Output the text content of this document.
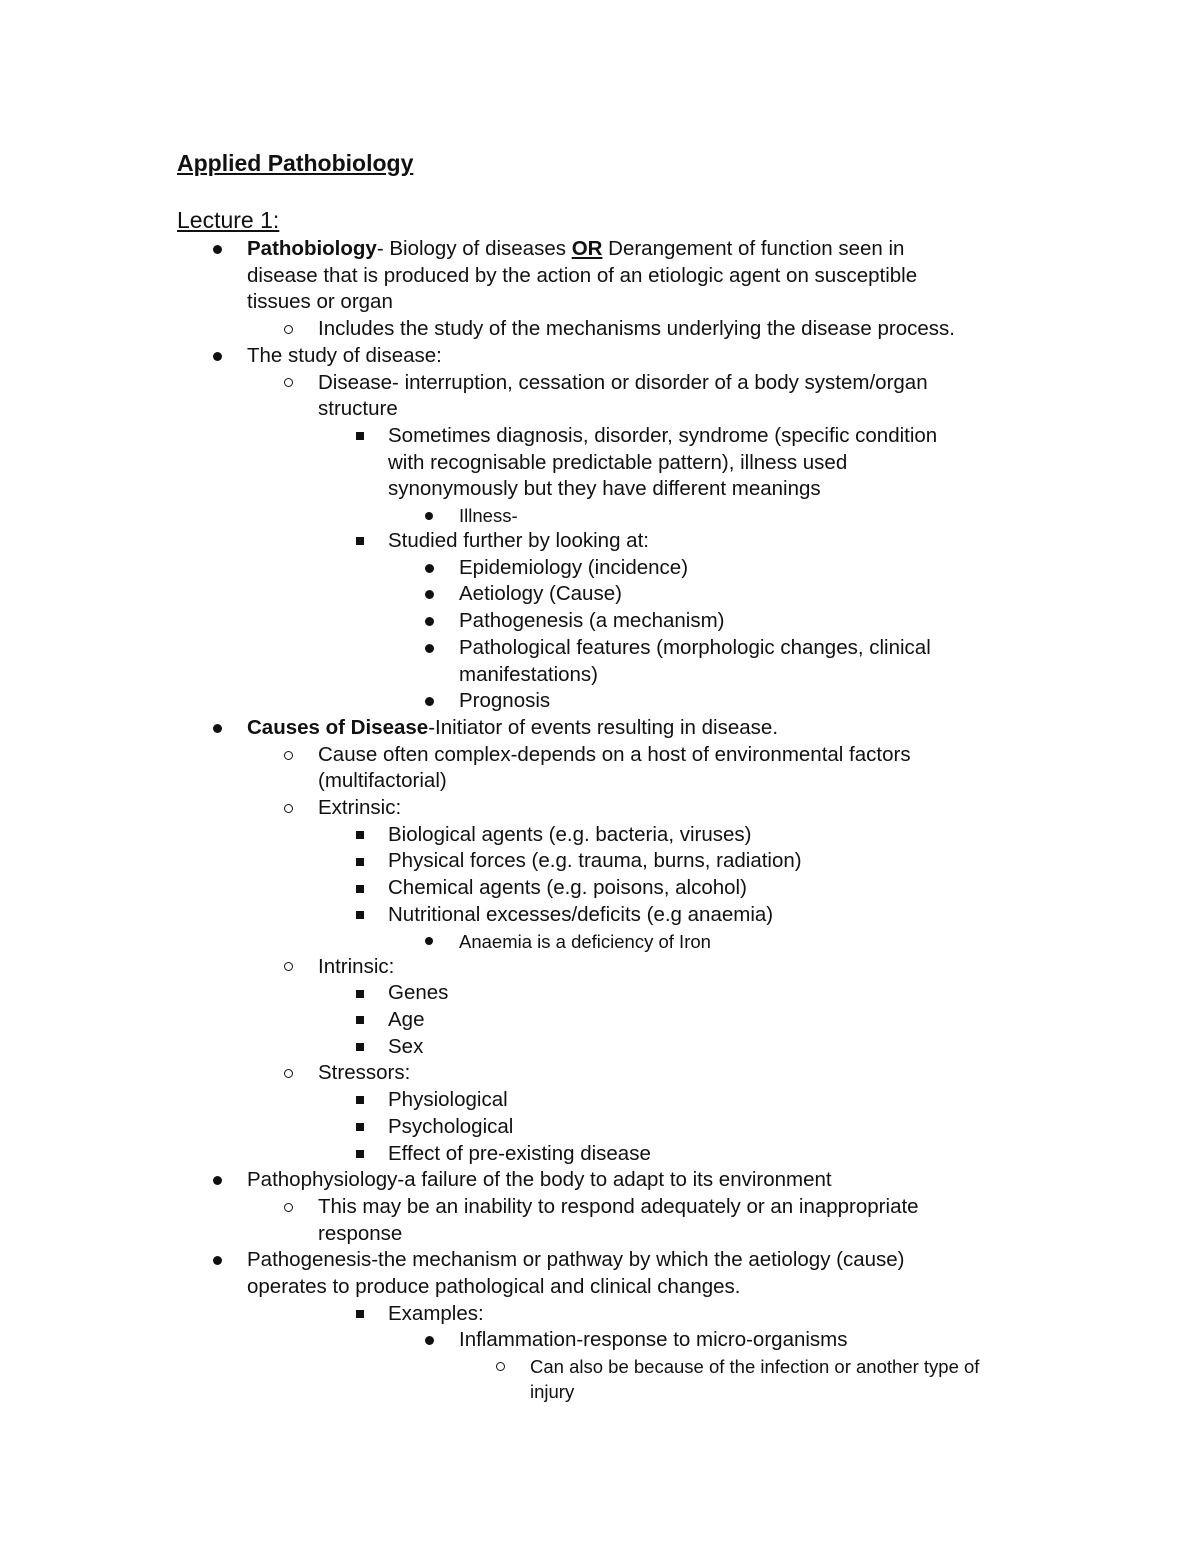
Applied Pathobiology
Lecture 1:
Pathobiology- Biology of diseases OR Derangement of function seen in
disease that is produced by the action of an etiologic agent on susceptible
tissues or organ
Includes the study of the mechanisms underlying the disease process.
The study of disease:
Disease- interruption, cessation or disorder of a body system/organ
structure
Sometimes diagnosis, disorder, syndrome (specific condition
with recognisable predictable pattern), illness used
synonymously but they have different meanings
Illness-
Studied further by looking at:
Epidemiology (incidence)
Aetiology (Cause)
Pathogenesis (a mechanism)
Pathological features (morphologic changes, clinical
manifestations)
Prognosis
Causes of Disease-Initiator of events resulting in disease.
Cause often complex-depends on a host of environmental factors
(multifactorial)
Extrinsic:
Biological agents (e.g. bacteria, viruses)
Physical forces (e.g. trauma, burns, radiation)
Chemical agents (e.g. poisons, alcohol)
Nutritional excesses/deficits (e.g anaemia)
Anaemia is a deficiency of Iron
Intrinsic:
Genes
Age
Sex
Stressors:
Physiological
Psychological
Effect of pre-existing disease
Pathophysiology-a failure of the body to adapt to its environment
This may be an inability to respond adequately or an inappropriate
response
Pathogenesis-the mechanism or pathway by which the aetiology (cause)
operates to produce pathological and clinical changes.
Examples:
Inflammation-response to micro-organisms
Can also be because of the infection or another type of
injury
